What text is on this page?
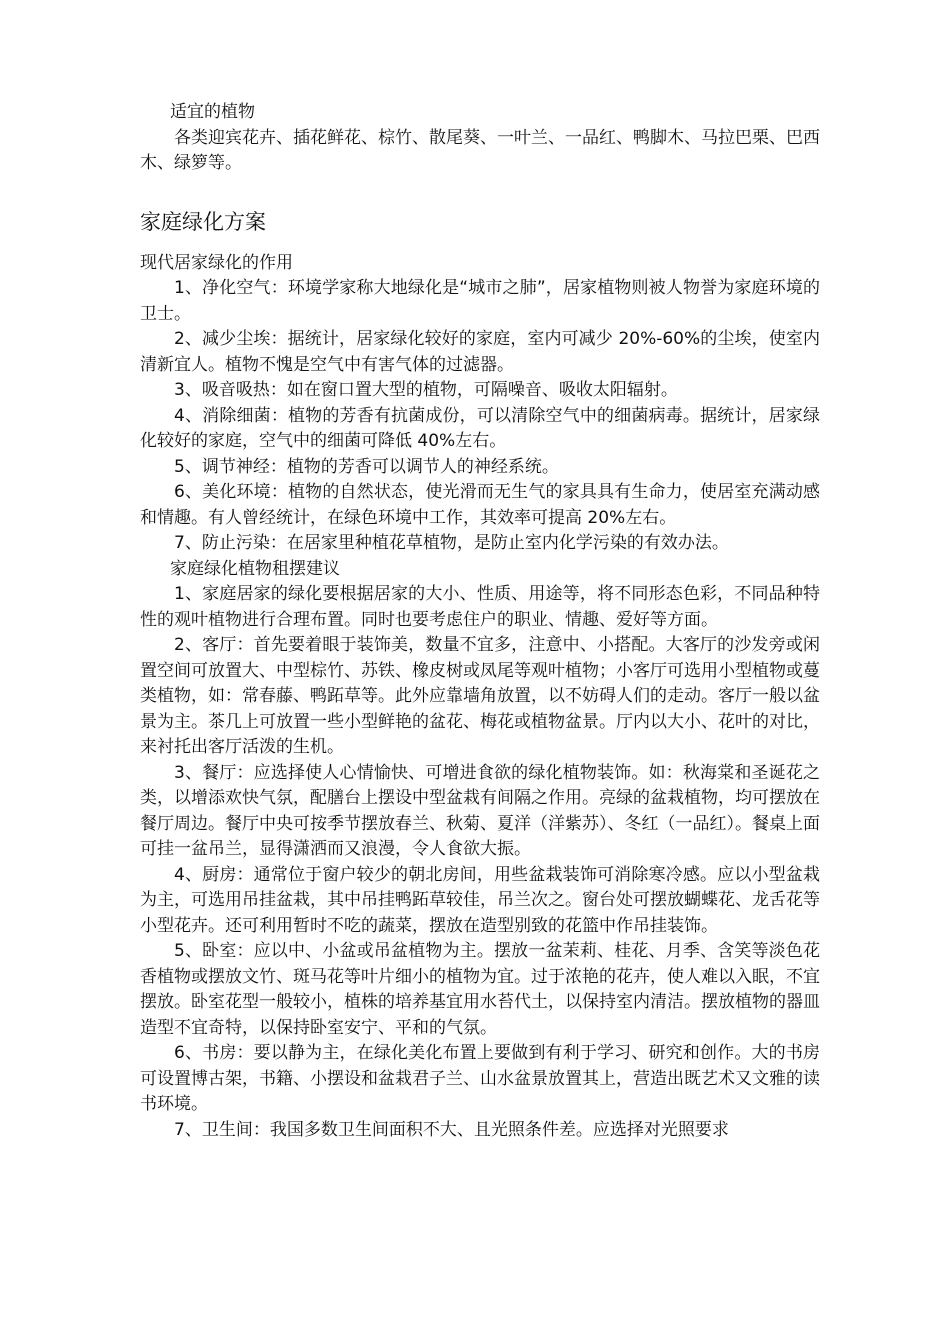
适宜的植物

各类迎宾花卉、插花鲜花、棕竹、散尾葵、一叶兰、一品红、鸭脚木、马拉巴栗、巴西木、绿箩等。

家庭绿化方案

现代居家绿化的作用

1、净化空气：环境学家称大地绿化是“城市之肺”，居家植物则被人物誉为家庭环境的卫士。

2、减少尘埃：据统计，居家绿化较好的家庭，室内可减少 20%-60%的尘埃，使室内清新宜人。植物不愧是空气中有害气体的过滤器。

3、吸音吸热：如在窗口置大型的植物，可隔噪音、吸收太阳辐射。

4、消除细菌：植物的芳香有抗菌成份，可以清除空气中的细菌病毒。据统计，居家绿化较好的家庭，空气中的细菌可降低 40%左右。

5、调节神经：植物的芳香可以调节人的神经系统。

6、美化环境：植物的自然状态，使光滑而无生气的家具具有生命力，使居室充满动感和情趣。有人曾经统计，在绿色环境中工作，其效率可提高 20%左右。

7、防止污染：在居家里种植花草植物，是防止室内化学污染的有效办法。

家庭绿化植物租摆建议

1、家庭居家的绿化要根据居家的大小、性质、用途等，将不同形态色彩，不同品种特性的观叶植物进行合理布置。同时也要考虑住户的职业、情趣、爱好等方面。

2、客厅：首先要着眼于装饰美，数量不宜多，注意中、小搭配。大客厅的沙发旁或闲置空间可放置大、中型棕竹、苏铁、橡皮树或凤尾等观叶植物；小客厅可选用小型植物或蔓类植物，如：常春藤、鸭跖草等。此外应靠墙角放置，以不妨碍人们的走动。客厅一般以盆景为主。茶几上可放置一些小型鲜艳的盆花、梅花或植物盆景。厅内以大小、花叶的对比，来衬托出客厅活泼的生机。

3、餐厅：应选择使人心情愉快、可增进食欲的绿化植物装饰。如：秋海棠和圣诞花之类，以增添欢快气氛，配膳台上摆设中型盆栽有间隔之作用。亮绿的盆栽植物，均可摆放在餐厅周边。餐厅中央可按季节摆放春兰、秋菊、夏洋（洋紫苏）、冬红（一品红）。餐桌上面可挂一盆吊兰，显得潇洒而又浪漫，令人食欲大振。

4、厨房：通常位于窗户较少的朝北房间，用些盆栽装饰可消除寒冷感。应以小型盆栽为主，可选用吊挂盆栽，其中吊挂鸭跖草较佳，吊兰次之。窗台处可摆放蝴蝶花、龙舌花等小型花卉。还可利用暂时不吃的蔬菜，摆放在造型别致的花篮中作吊挂装饰。

5、卧室：应以中、小盆或吊盆植物为主。摆放一盆茉莉、桂花、月季、含笑等淡色花香植物或摆放文竹、斑马花等叶片细小的植物为宜。过于浓艳的花卉，使人难以入眠，不宜摆放。卧室花型一般较小，植株的培养基宜用水苔代土，以保持室内清洁。摆放植物的器皿造型不宜奇特，以保持卧室安宁、平和的气氛。

6、书房：要以静为主，在绿化美化布置上要做到有利于学习、研究和创作。大的书房可设置博古架，书籍、小摆设和盆栽君子兰、山水盆景放置其上，营造出既艺术又文雅的读书环境。

7、卫生间：我国多数卫生间面积不大、且光照条件差。应选择对光照要求
